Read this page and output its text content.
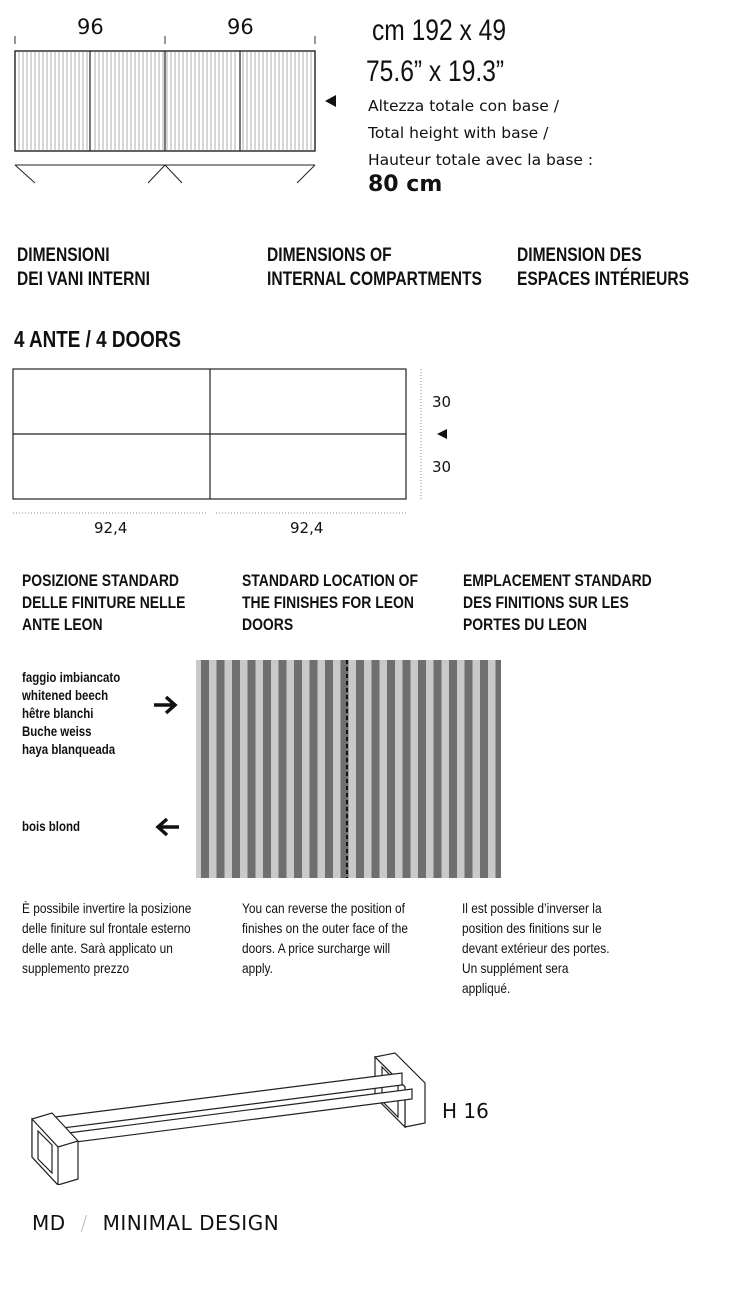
96	96	cm 192 x 49
75.6” x 19.3”
Altezza totale con base /
Total height with base /
Hauteur totale avec la base :
80 cm
DIMENSIONI
DEI VANI INTERNI
DIMENSIONS OF
INTERNAL COMPARTMENTS
DIMENSION DES
ESPACES INTÉRIEURS
4 ANTE / 4 DOORS
30
30
92,4	92,4
POSIZIONE STANDARD
DELLE FINITURE NELLE
ANTE LEON
STANDARD LOCATION OF
THE FINISHES FOR LEON
DOORS
EMPLACEMENT STANDARD
DES FINITIONS SUR LES
PORTES DU LEON
faggio imbiancato
whitened beech
hêtre blanchi
Buche weiss
haya blanqueada
bois blond
È possibile invertire la posizione
delle finiture sul frontale esterno
delle ante. Sarà applicato un
supplemento prezzo
You can reverse the position of
finishes on the outer face of the
doors. A price surcharge will
apply.
Il est possible d’inverser la
position des finitions sur le
devant extérieur des portes.
Un supplément sera
appliqué.
H 16
MD / MINIMAL DESIGN
